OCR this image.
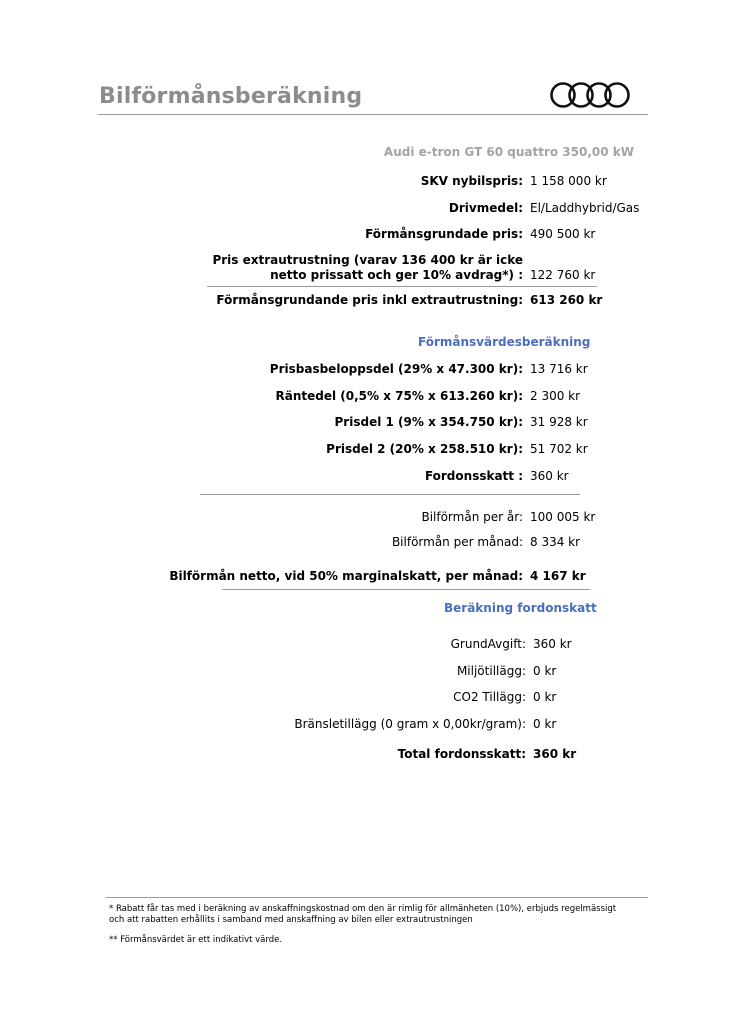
Bilförmånsberäkning
Audi e-tron GT 60 quattro 350,00 kW
SKV nybilspris: 1 158 000 kr
Drivmedel: El/Laddhybrid/Gas
Förmånsgrundade pris: 490 500 kr
Pris extrautrustning (varav 136 400 kr är icke
netto prissatt och ger 10% avdrag*) : 122 760 kr
Förmånsgrundande pris inkl extrautrustning: 613 260 kr
Förmånsvärdesberäkning
Prisbasbeloppsdel (29% x 47.300 kr): 13 716 kr
Räntedel (0,5% x 75% x 613.260 kr): 2 300 kr
Prisdel 1 (9% x 354.750 kr): 31 928 kr
Prisdel 2 (20% x 258.510 kr): 51 702 kr
Fordonsskatt : 360 kr
Bilförmån per år: 100 005 kr
Bilförmån per månad: 8 334 kr
Bilförmån netto, vid 50% marginalskatt, per månad: 4 167 kr
Beräkning fordonskatt
GrundAvgift: 360 kr
Miljötillägg: 0 kr
CO2 Tillägg: 0 kr
Bränsletillägg (0 gram x 0,00kr/gram): 0 kr
Total fordonsskatt: 360 kr
* Rabatt får tas med i beräkning av anskaffningskostnad om den är rimlig för allmänheten (10%), erbjuds regelmässigt
och att rabatten erhållits i samband med anskaffning av bilen eller extrautrustningen
** Förmånsvärdet är ett indikativt värde.
